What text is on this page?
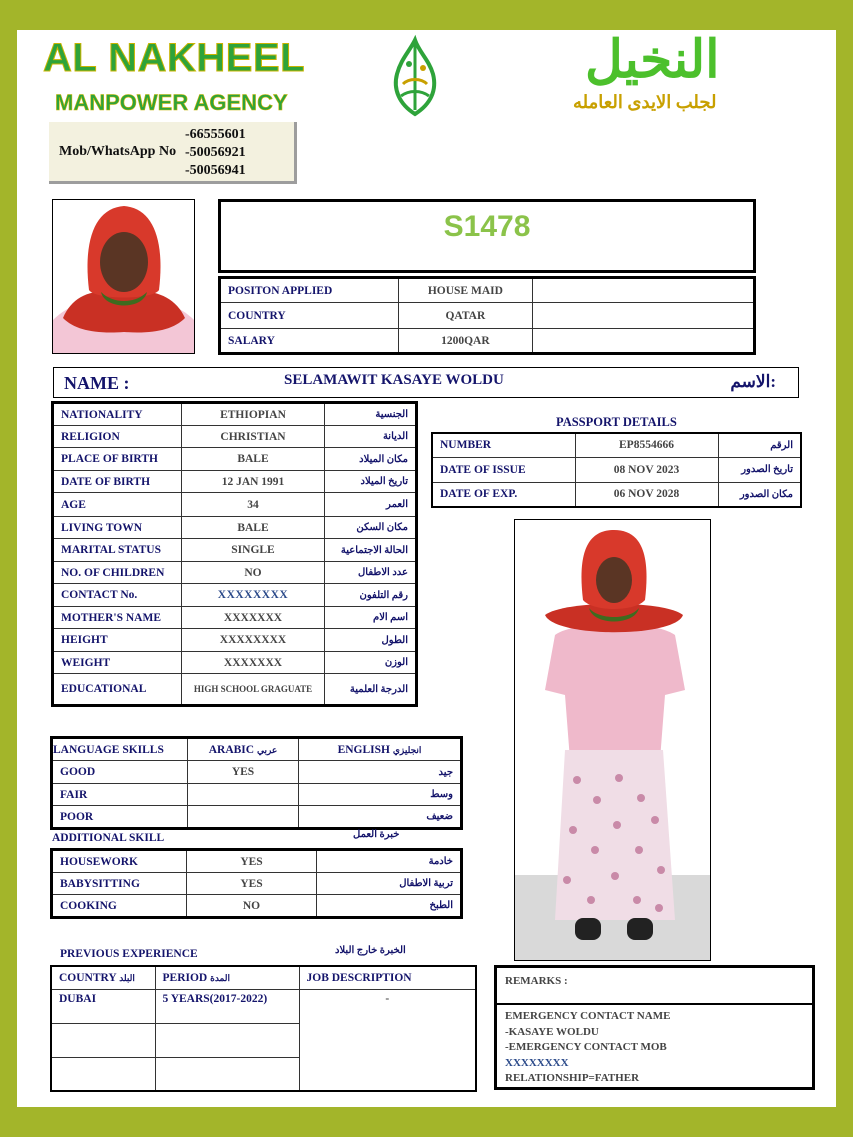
AL NAKHEEL
MANPOWER AGENCY
Mob/WhatsApp No
-66555601
-50056921
-50056941
النخيل
لجلب الايدى العامله
S1478
POSITON APPLIED	HOUSE MAID	
COUNTRY	QATAR	
SALARY	1200QAR	
NAME :	SELAMAWIT KASAYE WOLDU	الاسم:
NATIONALITY	ETHIOPIAN	الجنسية
RELIGION	CHRISTIAN	الديانة
PLACE OF BIRTH	BALE	مكان الميلاد
DATE OF BIRTH	12 JAN 1991	تاريخ الميلاد
AGE	34	العمر
LIVING TOWN	BALE	مكان السكن
MARITAL STATUS	SINGLE	الحالة الاجتماعية
NO. OF CHILDREN	NO	عدد الاطفال
CONTACT No.	XXXXXXXX	رقم التلفون
MOTHER'S NAME	XXXXXXX	اسم الام
HEIGHT	XXXXXXXX	الطول
WEIGHT	XXXXXXX	الوزن
EDUCATIONAL	HIGH SCHOOL GRAGUATE	الدرجة العلمية
PASSPORT DETAILS
NUMBER	EP8554666	الرقم
DATE OF ISSUE	08 NOV 2023	تاريخ الصدور
DATE OF EXP.	06 NOV 2028	مكان الصدور
LANGUAGE SKILLS	ARABIC عربي	ENGLISH انجليزي
GOOD	YES	جيد
FAIR		وسط
POOR		ضعيف
ADDITIONAL SKILL	خبرة العمل
HOUSEWORK	YES	خادمة
BABYSITTING	YES	تربية الاطفال
COOKING	NO	الطبخ
PREVIOUS EXPERIENCE	الخبرة خارج البلاد
COUNTRY البلد	PERIOD المدة	JOB DESCRIPTION
DUBAI	5 YEARS(2017-2022)	-

REMARKS :
EMERGENCY CONTACT NAME
-KASAYE WOLDU
-EMERGENCY CONTACT MOB
XXXXXXXX
RELATIONSHIP=FATHER
